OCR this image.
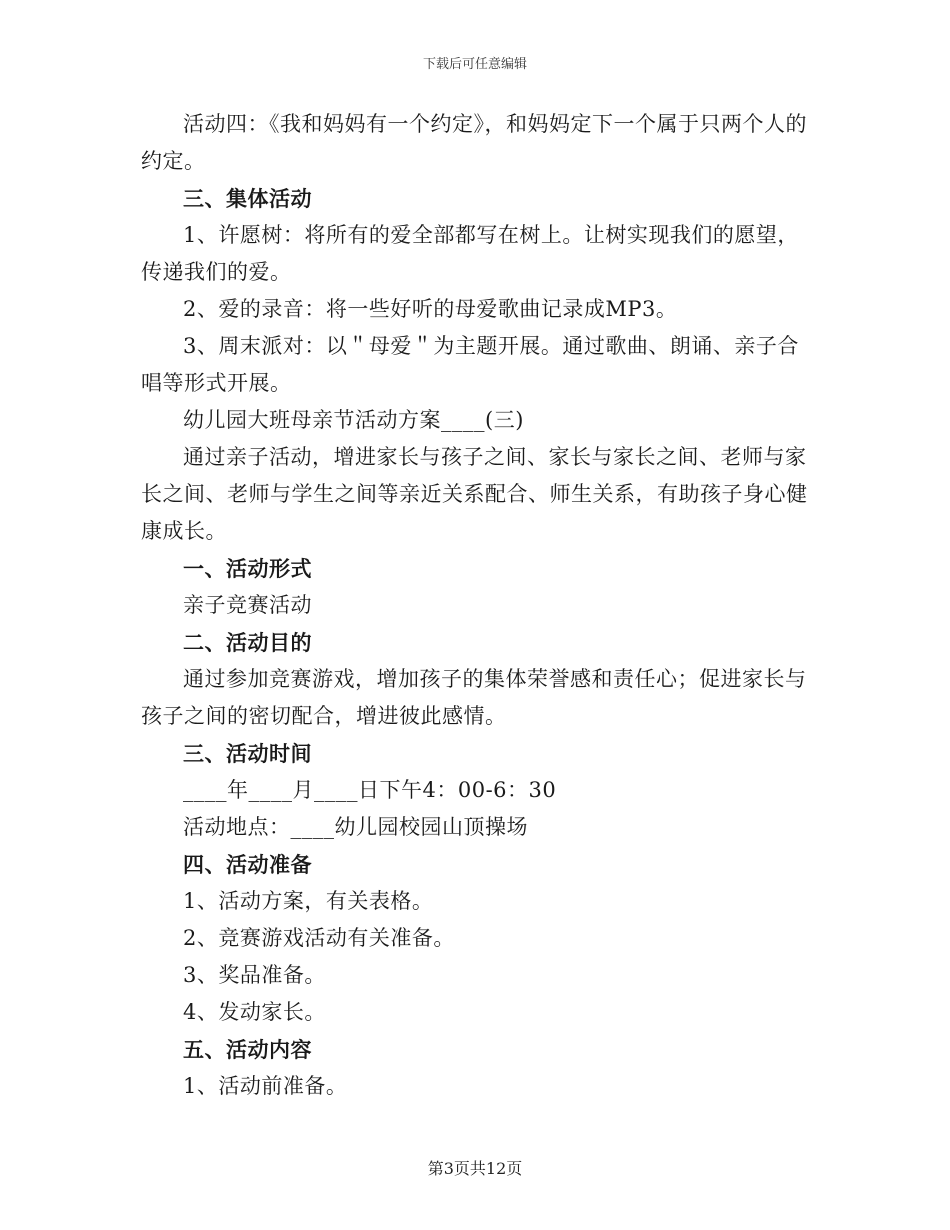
下载后可任意编辑

活动四：《我和妈妈有一个约定》，和妈妈定下一个属于只两个人的约定。

三、集体活动

1、许愿树：将所有的爱全部都写在树上。让树实现我们的愿望，传递我们的爱。

2、爱的录音：将一些好听的母爱歌曲记录成MP3。

3、周末派对：以＂母爱＂为主题开展。通过歌曲、朗诵、亲子合唱等形式开展。

幼儿园大班母亲节活动方案____(三)

通过亲子活动，增进家长与孩子之间、家长与家长之间、老师与家长之间、老师与学生之间等亲近关系配合、师生关系，有助孩子身心健康成长。

一、活动形式

亲子竞赛活动

二、活动目的

通过参加竞赛游戏，增加孩子的集体荣誉感和责任心；促进家长与孩子之间的密切配合，增进彼此感情。

三、活动时间

____年____月____日下午4：00-6：30

活动地点：____幼儿园校园山顶操场

四、活动准备

1、活动方案，有关表格。

2、竞赛游戏活动有关准备。

3、奖品准备。

4、发动家长。

五、活动内容

1、活动前准备。

第3页共12页
